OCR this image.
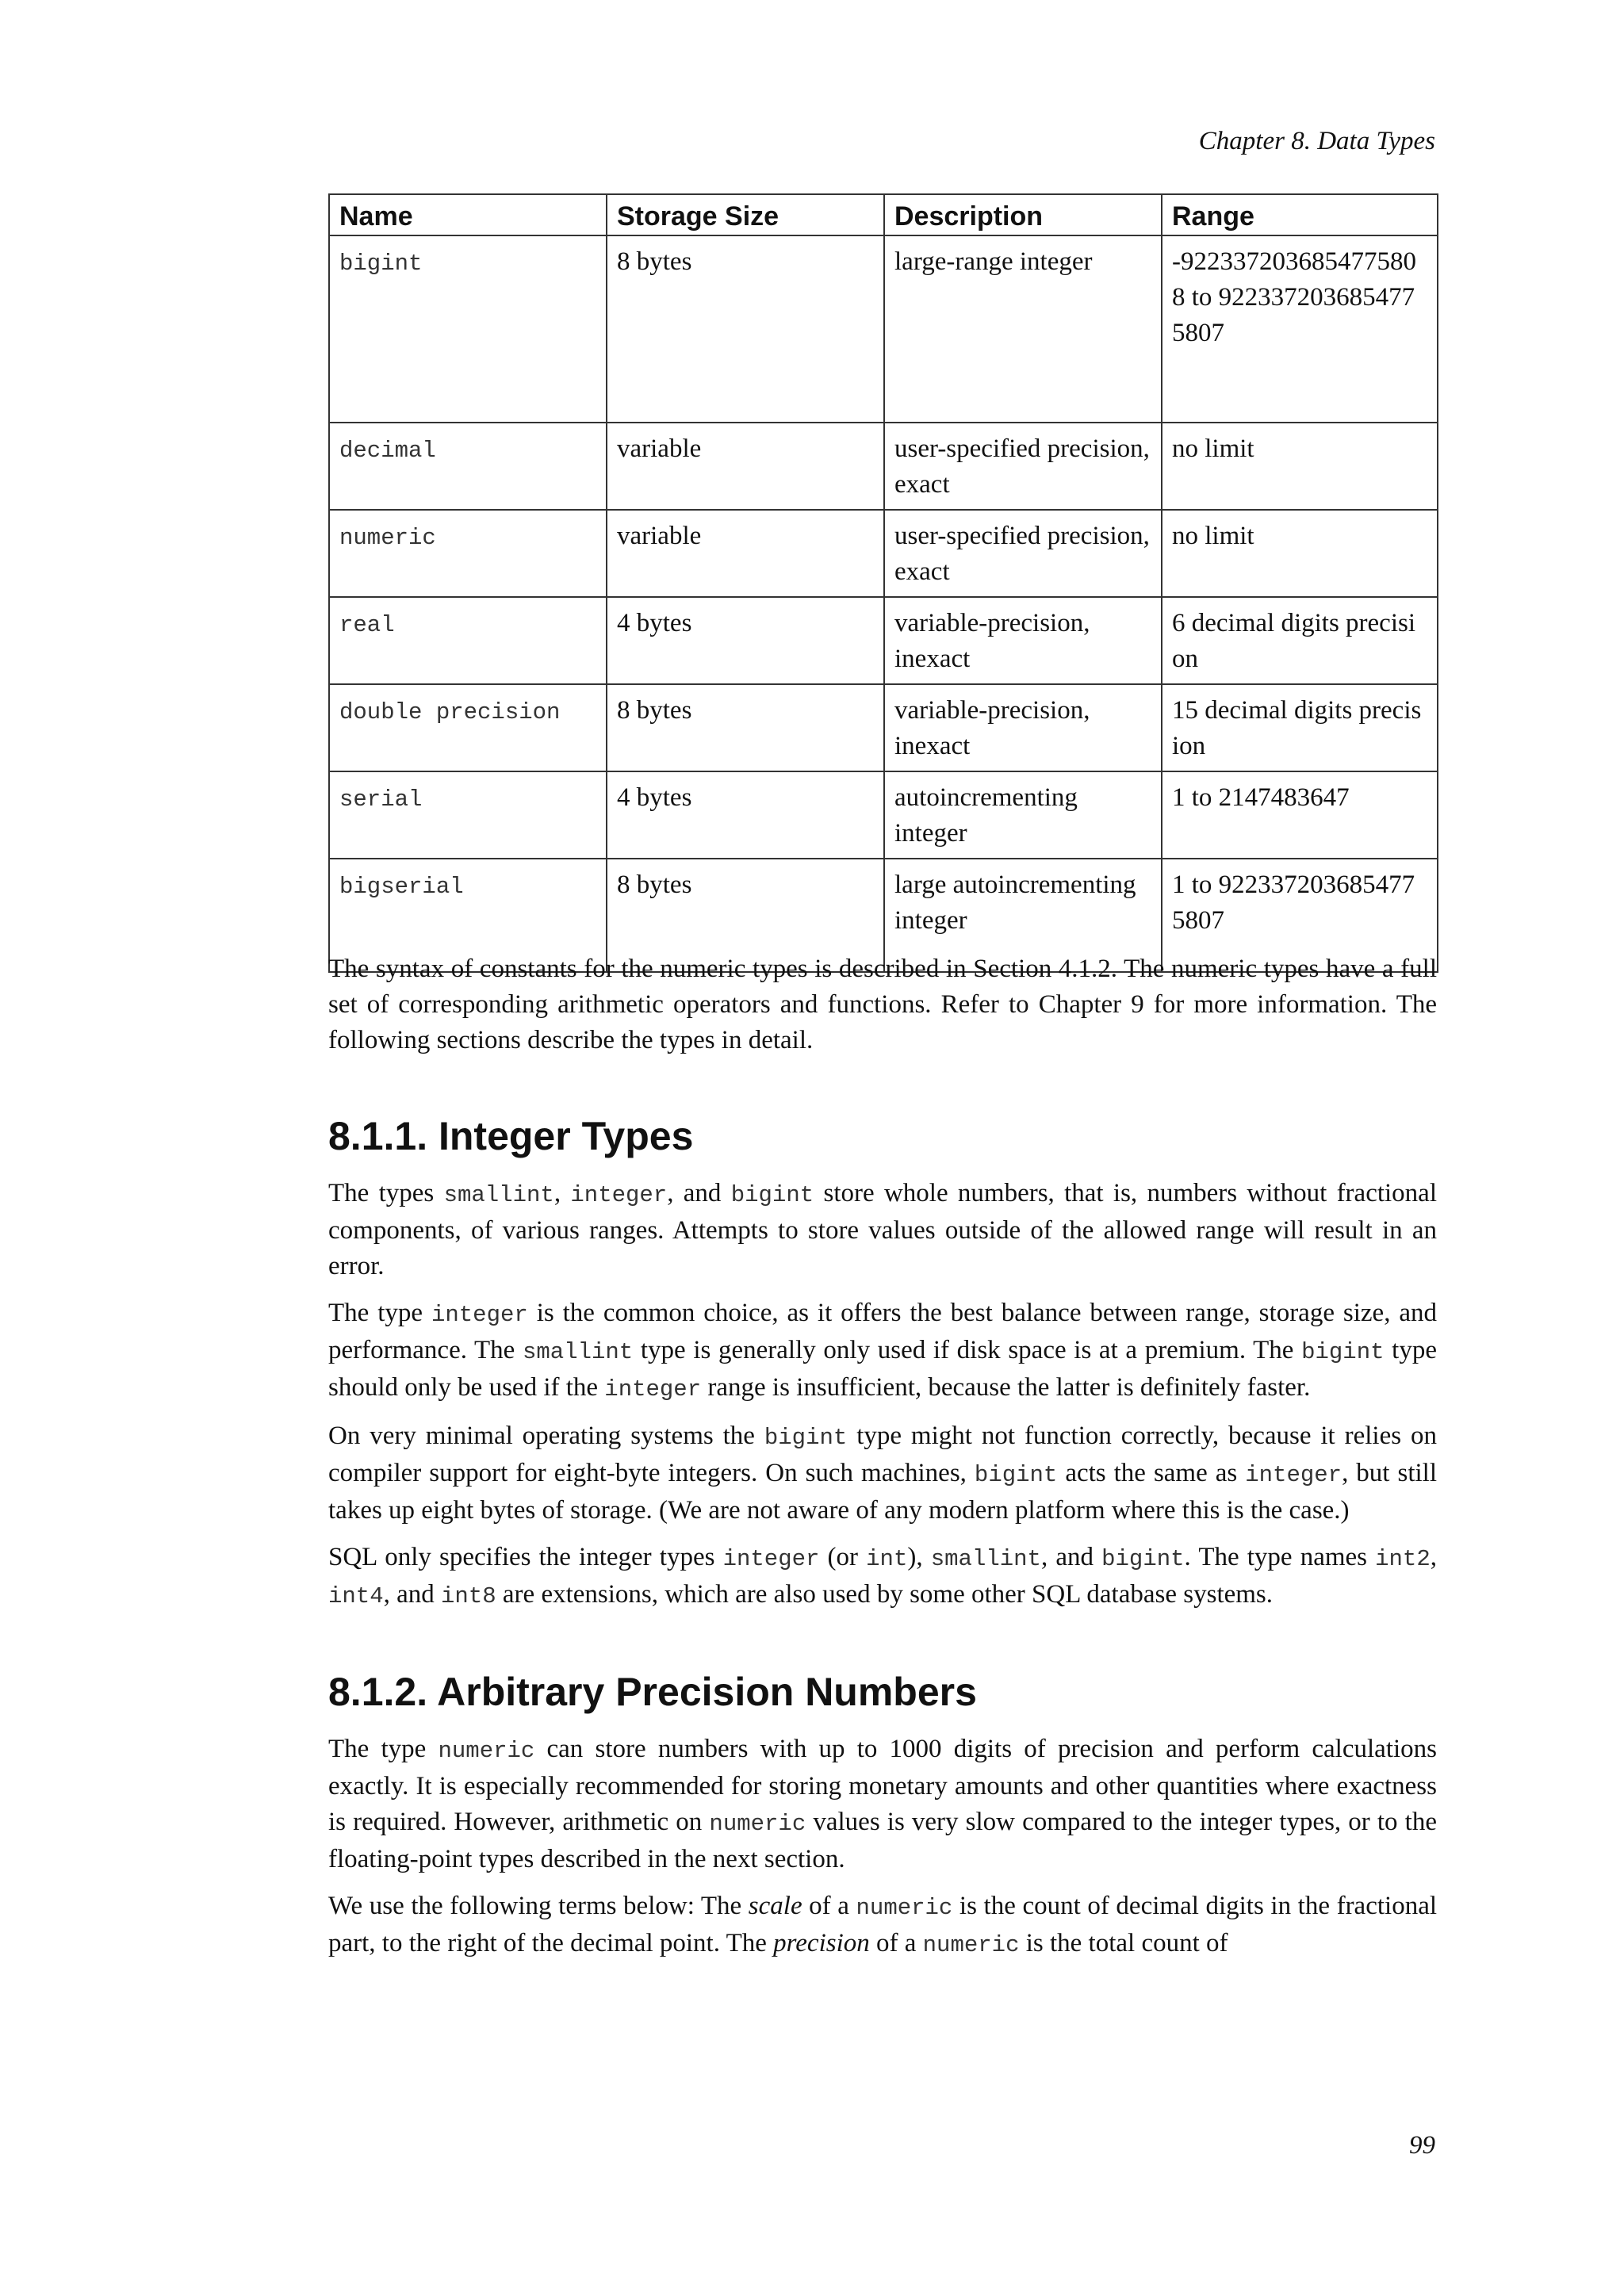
Chapter 8. Data Types
Name	Storage Size	Description	Range
bigint	8 bytes	large-range integer	-9223372036854775808 to 9223372036854775807
decimal	variable	user-specified precision, exact	no limit
numeric	variable	user-specified precision, exact	no limit
real	4 bytes	variable-precision, inexact	6 decimal digits precision
double precision	8 bytes	variable-precision, inexact	15 decimal digits precision
serial	4 bytes	autoincrementing integer	1 to 2147483647
bigserial	8 bytes	large autoincrementing integer	1 to 9223372036854775807

The syntax of constants for the numeric types is described in Section 4.1.2. The numeric types have a full set of corresponding arithmetic operators and functions. Refer to Chapter 9 for more information. The following sections describe the types in detail.

8.1.1. Integer Types

The types smallint, integer, and bigint store whole numbers, that is, numbers without fractional components, of various ranges. Attempts to store values outside of the allowed range will result in an error.

The type integer is the common choice, as it offers the best balance between range, storage size, and performance. The smallint type is generally only used if disk space is at a premium. The bigint type should only be used if the integer range is insufficient, because the latter is definitely faster.

On very minimal operating systems the bigint type might not function correctly, because it relies on compiler support for eight-byte integers. On such machines, bigint acts the same as integer, but still takes up eight bytes of storage. (We are not aware of any modern platform where this is the case.)

SQL only specifies the integer types integer (or int), smallint, and bigint. The type names int2, int4, and int8 are extensions, which are also used by some other SQL database systems.

8.1.2. Arbitrary Precision Numbers

The type numeric can store numbers with up to 1000 digits of precision and perform calculations exactly. It is especially recommended for storing monetary amounts and other quantities where exactness is required. However, arithmetic on numeric values is very slow compared to the integer types, or to the floating-point types described in the next section.

We use the following terms below: The scale of a numeric is the count of decimal digits in the fractional part, to the right of the decimal point. The precision of a numeric is the total count of

99
